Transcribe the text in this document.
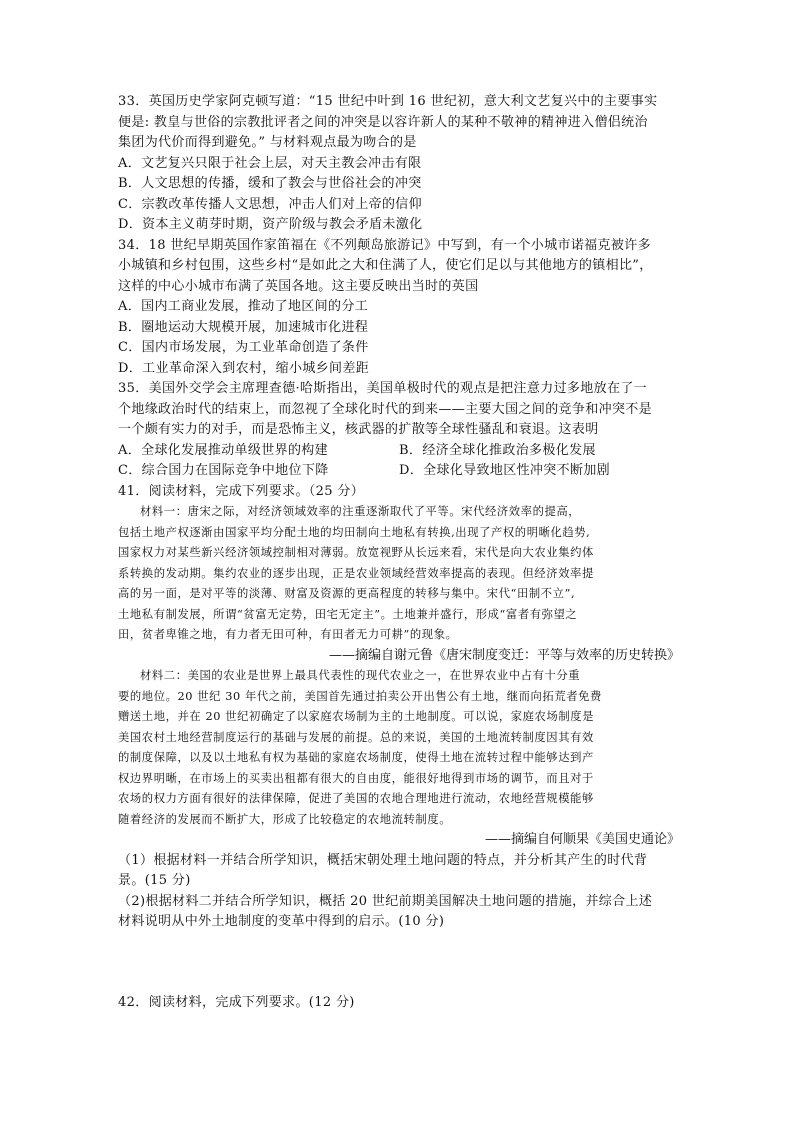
33．英国历史学家阿克顿写道：“15 世纪中叶到 16 世纪初，意大利文艺复兴中的主要事实
便是: 教皇与世俗的宗教批评者之间的冲突是以容许新人的某种不敬神的精神进入僧侣统治
集团为代价而得到避免。” 与材料观点最为吻合的是
A．文艺复兴只限于社会上层，对天主教会冲击有限
B．人文思想的传播，缓和了教会与世俗社会的冲突
C．宗教改革传播人文思想，冲击人们对上帝的信仰
D．资本主义萌芽时期，资产阶级与教会矛盾未激化
34．18 世纪早期英国作家笛福在《不列颠岛旅游记》中写到，有一个小城市诺福克被许多
小城镇和乡村包围，这些乡村“是如此之大和住满了人，使它们足以与其他地方的镇相比”，
这样的中心小城市布满了英国各地。这主要反映出当时的英国
A．国内工商业发展，推动了地区间的分工
B．圈地运动大规模开展，加速城市化进程
C．国内市场发展，为工业革命创造了条件
D．工业革命深入到农村，缩小城乡间差距
35．美国外交学会主席理查德·哈斯指出，美国单极时代的观点是把注意力过多地放在了一
个地缘政治时代的结束上，而忽视了全球化时代的到来——主要大国之间的竞争和冲突不是
一个颇有实力的对手，而是恐怖主义，核武器的扩散等全球性骚乱和衰退。这表明
A．全球化发展推动单级世界的构建	B．经济全球化推政治多极化发展
C．综合国力在国际竞争中地位下降	D．全球化导致地区性冲突不断加剧
41．阅读材料，完成下列要求。（25 分）
材料一：唐宋之际，对经济领域效率的注重逐渐取代了平等。宋代经济效率的提高，
包括土地产权逐渐由国家平均分配土地的均田制向土地私有转换,出现了产权的明晰化趋势,
国家权力对某些新兴经济领域控制相对薄弱。放宽视野从长远来看，宋代是向大农业集约体
系转换的发动期。集约农业的逐步出现，正是农业领域经营效率提高的表现。但经济效率提
高的另一面，是对平等的淡薄、财富及资源的更高程度的转移与集中。宋代“田制不立”,
土地私有制发展，所谓“贫富无定势，田宅无定主”。土地兼并盛行，形成“富者有弥望之
田，贫者卑锥之地，有力者无田可种，有田者无力可耕”的现象。
——摘编自谢元鲁《唐宋制度变迁：平等与效率的历史转换》
材料二：美国的农业是世界上最具代表性的现代农业之一，在世界农业中占有十分重
要的地位。20 世纪 30 年代之前，美国首先通过拍卖公开出售公有土地，继而向拓荒者免费
赠送土地，并在 20 世纪初确定了以家庭农场制为主的土地制度。可以说，家庭农场制度是
美国农村土地经营制度运行的基础与发展的前提。总的来说，美国的土地流转制度因其有效
的制度保障，以及以土地私有权为基础的家庭农场制度，使得土地在流转过程中能够达到产
权边界明晰，在市场上的买卖出租都有很大的自由度，能很好地得到市场的调节，而且对于
农场的权力方面有很好的法律保障，促进了美国的农地合理地进行流动，农地经营规模能够
随着经济的发展而不断扩大，形成了比较稳定的农地流转制度。
——摘编自何顺果《美国史通论》
（1）根据材料一并结合所学知识，概括宋朝处理土地问题的特点，并分析其产生的时代背
景。(15 分)
（2)根据材料二并结合所学知识，概括 20 世纪前期美国解决土地问题的措施，并综合上述
材料说明从中外土地制度的变革中得到的启示。(10 分)
42．阅读材料，完成下列要求。(12 分)
